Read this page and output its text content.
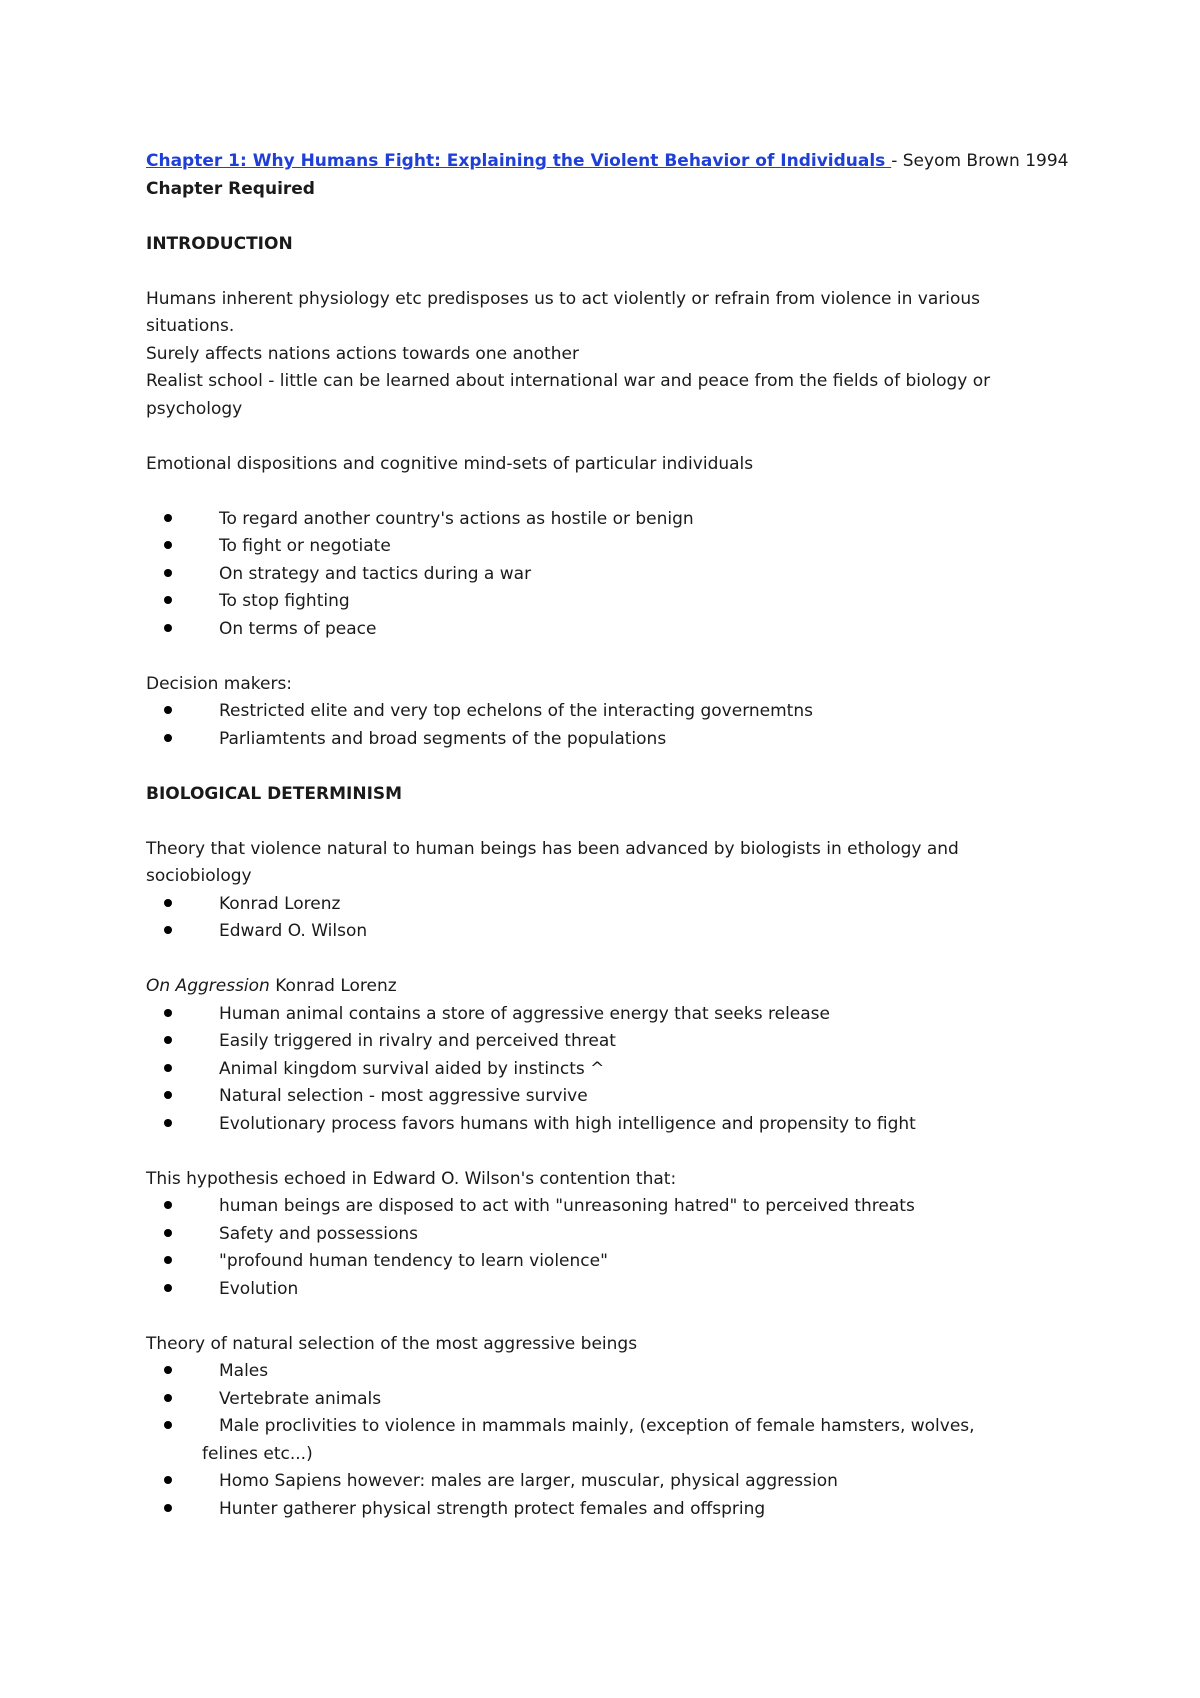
Chapter 1: Why Humans Fight: Explaining the Violent Behavior of Individuals - Seyom Brown 1994
Chapter Required
INTRODUCTION
Humans inherent physiology etc predisposes us to act violently or refrain from violence in various
situations.
Surely affects nations actions towards one another
Realist school - little can be learned about international war and peace from the fields of biology or
psychology
Emotional dispositions and cognitive mind-sets of particular individuals
To regard another country's actions as hostile or benign
To fight or negotiate
On strategy and tactics during a war
To stop fighting
On terms of peace
Decision makers:
Restricted elite and very top echelons of the interacting governemtns
Parliamtents and broad segments of the populations
BIOLOGICAL DETERMINISM
Theory that violence natural to human beings has been advanced by biologists in ethology and
sociobiology
Konrad Lorenz
Edward O. Wilson
On Aggression Konrad Lorenz
Human animal contains a store of aggressive energy that seeks release
Easily triggered in rivalry and perceived threat
Animal kingdom survival aided by instincts ^
Natural selection - most aggressive survive
Evolutionary process favors humans with high intelligence and propensity to fight
This hypothesis echoed in Edward O. Wilson's contention that:
human beings are disposed to act with "unreasoning hatred" to perceived threats
Safety and possessions
"profound human tendency to learn violence"
Evolution
Theory of natural selection of the most aggressive beings
Males
Vertebrate animals
Male proclivities to violence in mammals mainly, (exception of female hamsters, wolves,
felines etc...)
Homo Sapiens however: males are larger, muscular, physical aggression
Hunter gatherer physical strength protect females and offspring
